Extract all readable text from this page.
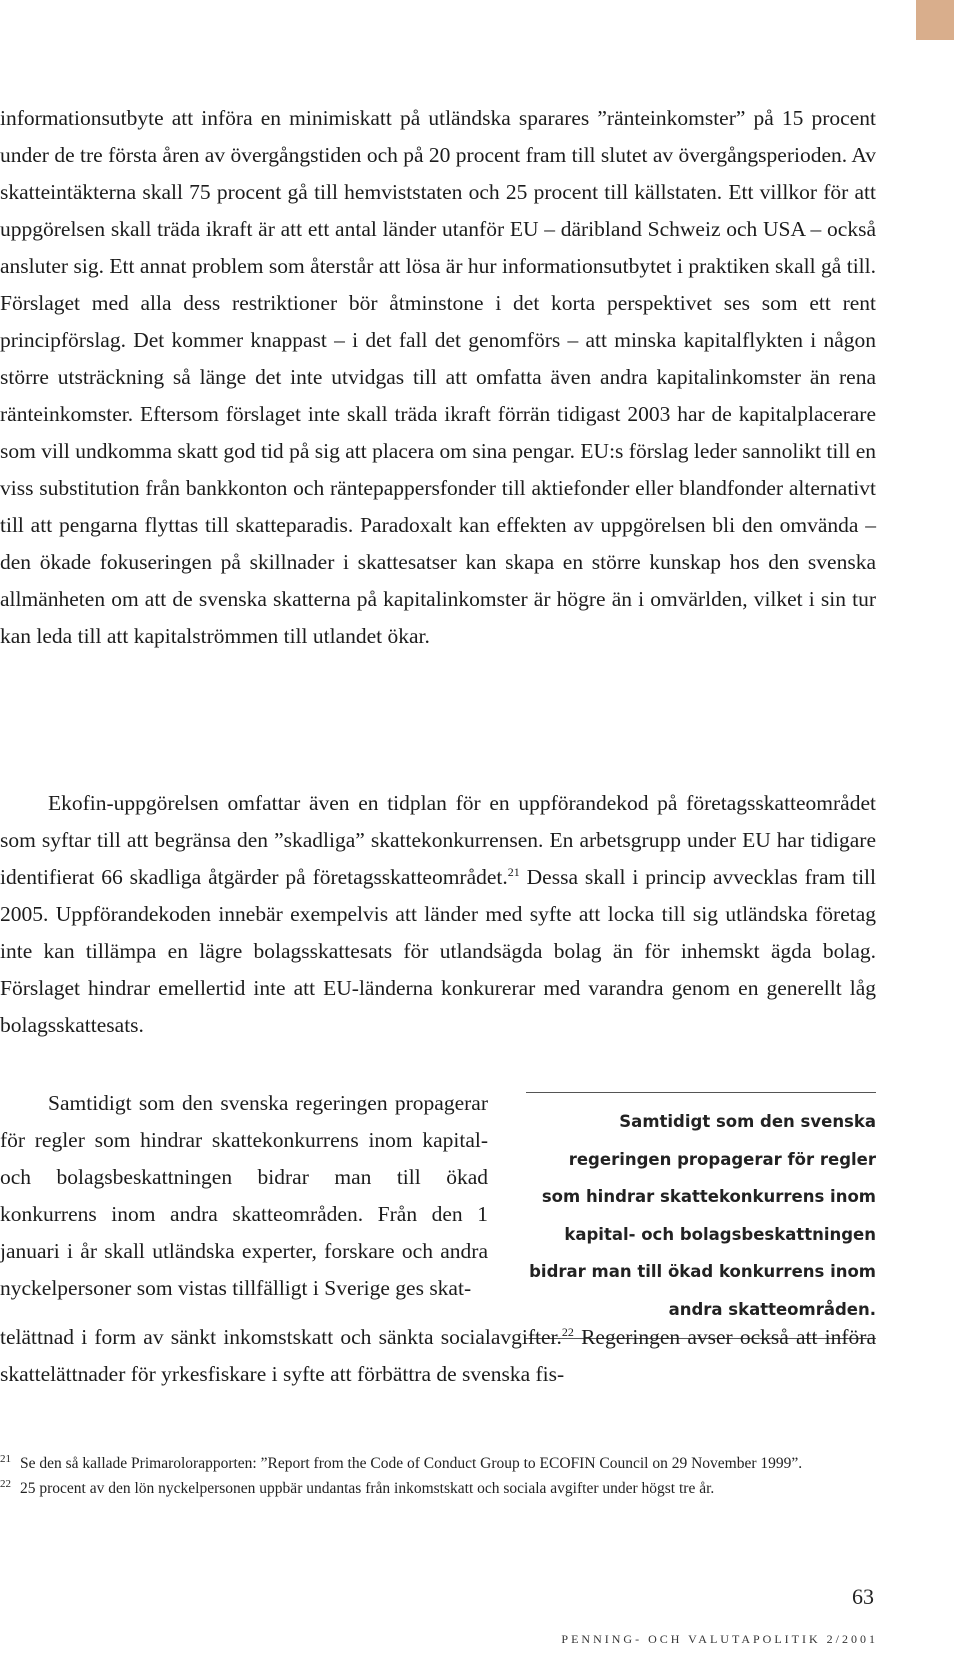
informationsutbyte att införa en minimiskatt på utländska sparares ”ränteinkomster” på 15 procent under de tre första åren av övergångstiden och på 20 procent fram till slutet av övergångsperioden. Av skatteintäkterna skall 75 procent gå till hemviststaten och 25 procent till källstaten. Ett villkor för att uppgörelsen skall träda ikraft är att ett antal länder utanför EU – däribland Schweiz och USA – också ansluter sig. Ett annat problem som återstår att lösa är hur informationsutbytet i praktiken skall gå till. Förslaget med alla dess restriktioner bör åtminstone i det korta perspektivet ses som ett rent principförslag. Det kommer knappast – i det fall det genomförs – att minska kapitalflykten i någon större utsträckning så länge det inte utvidgas till att omfatta även andra kapitalinkomster än rena ränteinkomster. Eftersom förslaget inte skall träda ikraft förrän tidigast 2003 har de kapitalplacerare som vill undkomma skatt god tid på sig att placera om sina pengar. EU:s förslag leder sannolikt till en viss substitution från bankkonton och räntepappersfonder till aktiefonder eller blandfonder alternativt till att pengarna flyttas till skatteparadis. Paradoxalt kan effekten av uppgörelsen bli den omvända – den ökade fokuseringen på skillnader i skattesatser kan skapa en större kunskap hos den svenska allmänheten om att de svenska skatterna på kapitalinkomster är högre än i omvärlden, vilket i sin tur kan leda till att kapitalströmmen till utlandet ökar.
Ekofin-uppgörelsen omfattar även en tidplan för en uppförandekod på företagsskatteområdet som syftar till att begränsa den ”skadliga” skattekonkurrensen. En arbetsgrupp under EU har tidigare identifierat 66 skadliga åtgärder på företagsskatteområdet.$^{21}$ Dessa skall i princip avvecklas fram till 2005. Uppförandekoden innebär exempelvis att länder med syfte att locka till sig utländska företag inte kan tillämpa en lägre bolagsskattesats för utlandsägda bolag än för inhemskt ägda bolag. Förslaget hindrar emellertid inte att EU-länderna konkurerar med varandra genom en generellt låg bolagsskattesats.
Samtidigt som den svenska regeringen propagerar för regler som hindrar skattekonkurrens inom kapital- och bolagsbeskattningen bidrar man till ökad konkurrens inom andra skatteområden. Från den 1 januari i år skall utländska experter, forskare och andra nyckelpersoner som vistas tillfälligt i Sverige ges skat-
Samtidigt som den svenska regeringen propagerar för regler som hindrar skattekonkurrens inom kapital- och bolagsbeskattningen bidrar man till ökad konkurrens inom andra skatteområden.
telättnad i form av sänkt inkomstskatt och sänkta socialavgifter.$^{22}$ Regeringen avser också att införa skattelättnader för yrkesfiskare i syfte att förbättra de svenska fis-
21 Se den så kallade Primarolorapporten: ”Report from the Code of Conduct Group to ECOFIN Council on 29 November 1999”.
22 25 procent av den lön nyckelpersonen uppbär undantas från inkomstskatt och sociala avgifter under högst tre år.
63
PENNING- OCH VALUTAPOLITIK 2/2001
